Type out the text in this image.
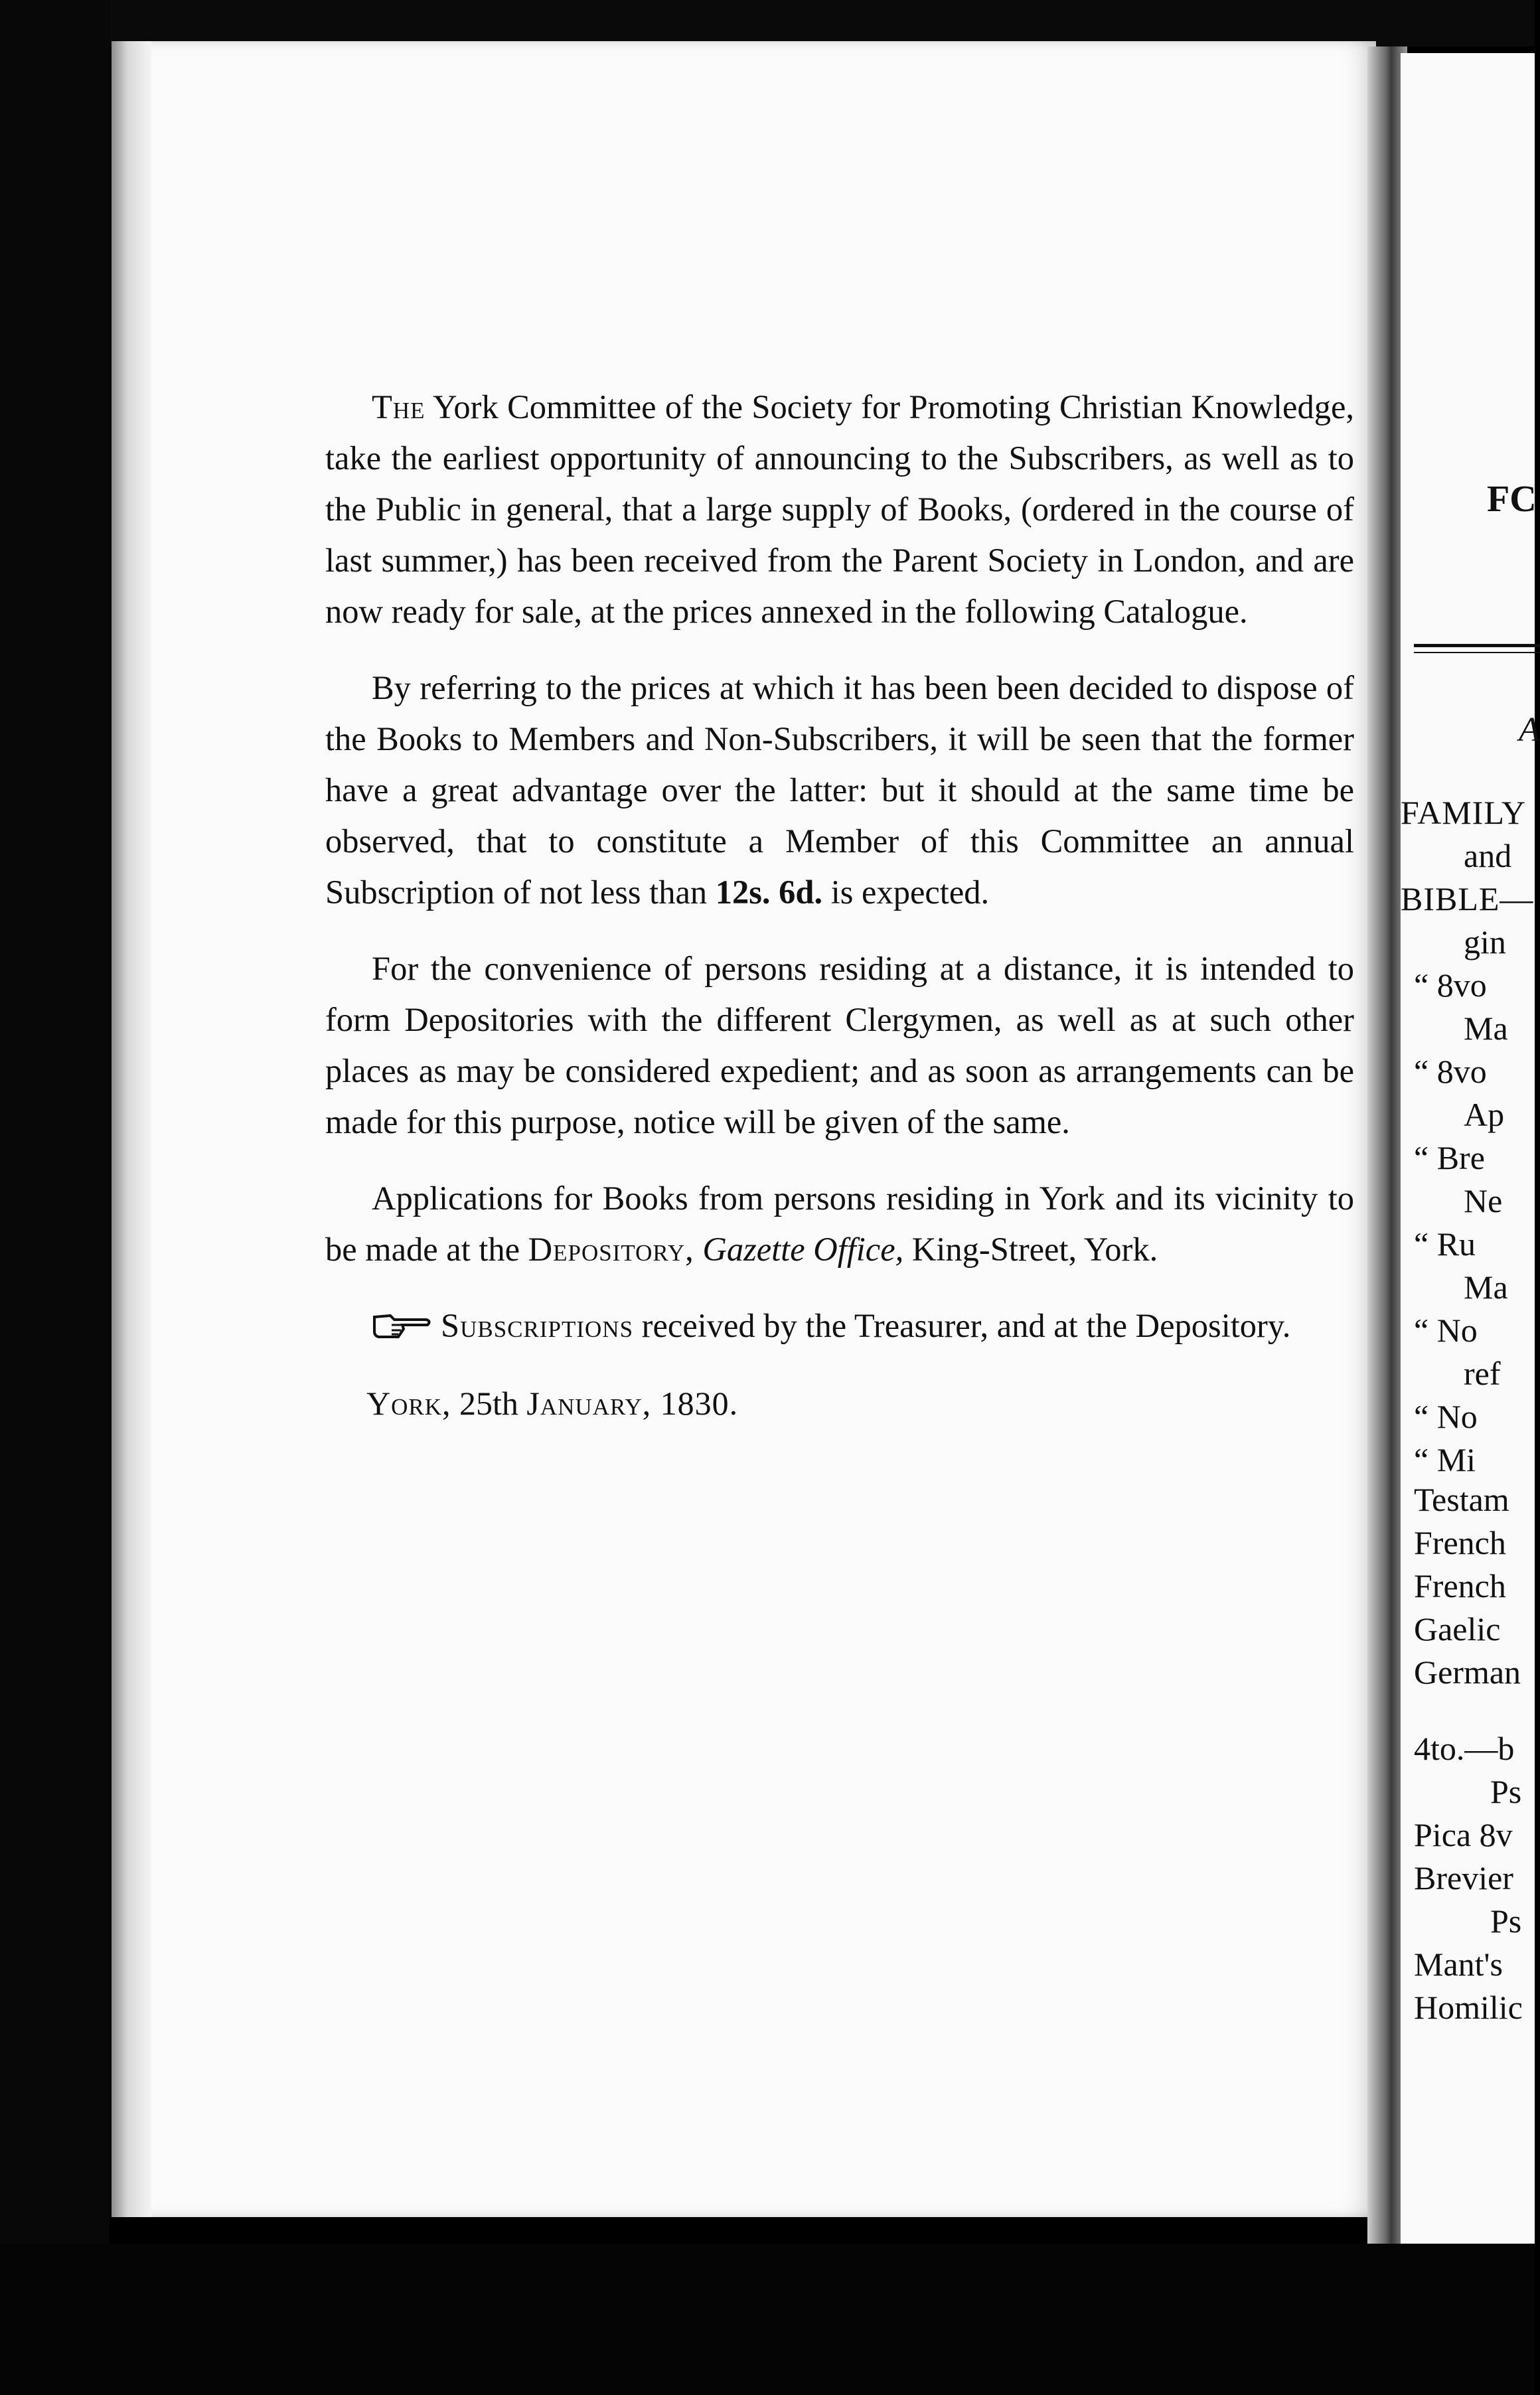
The York Committee of the Society for Promoting Christian Knowledge, take the earliest opportunity of announcing to the Subscribers, as well as to the Public in general, that a large supply of Books, (ordered in the course of last summer,) has been received from the Parent Society in London, and are now ready for sale, at the prices annexed in the following Catalogue.

By referring to the prices at which it has been been decided to dispose of the Books to Members and Non-Subscribers, it will be seen that the former have a great advantage over the latter: but it should at the same time be observed, that to constitute a Member of this Committee an annual Subscription of not less than 12s. 6d. is expected.

For the convenience of persons residing at a distance, it is intended to form Depositories with the different Clergymen, as well as at such other places as may be considered expedient; and as soon as arrangements can be made for this purpose, notice will be given of the same.

Applications for Books from persons residing in York and its vicinity to be made at the Depository, Gazette Office, King-Street, York.

Subscriptions received by the Treasurer, and at the Depository.

York, 25th January, 1830.
FC
A
FAMILY
and
BIBLE—
gin
“ 8vo
Ma
“ 8vo
Ap
“ Bre
Ne
“ Ru
Ma
“ No
ref
“ No
“ Mi
Testam
French
French
Gaelic
German
4to.—b
Ps
Pica 8v
Brevier
Ps
Mant's
Homilic
